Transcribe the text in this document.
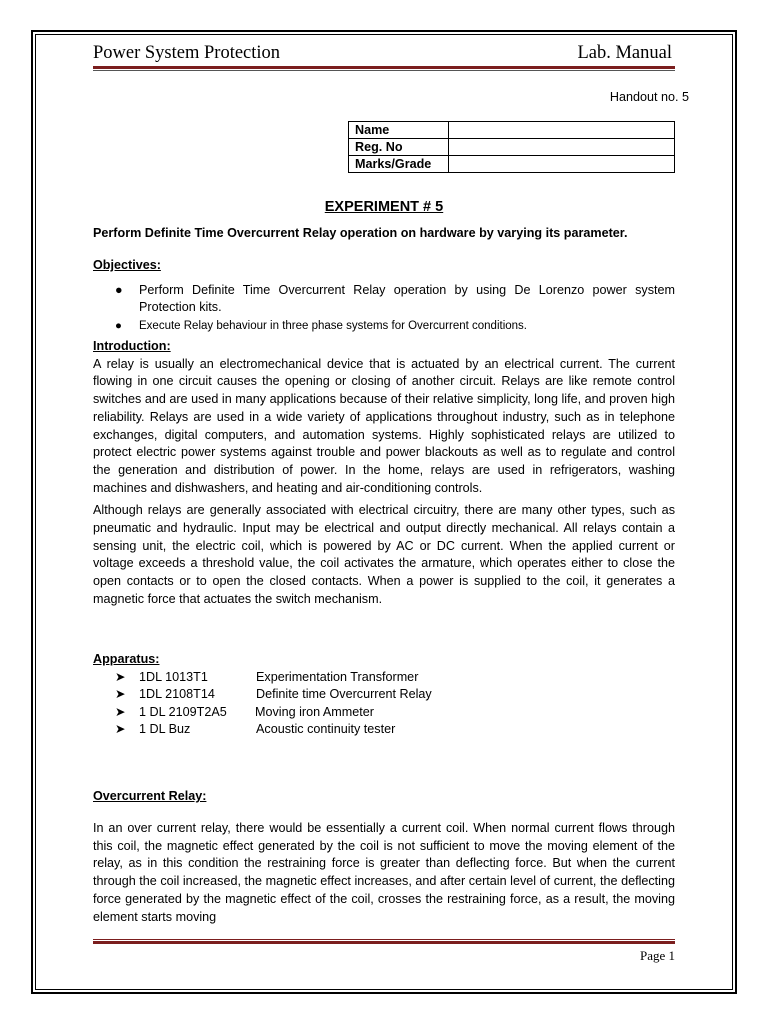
Power System Protection	Lab. Manual
Handout no. 5
Name	
Reg. No	
Marks/Grade	
EXPERIMENT # 5
Perform Definite Time Overcurrent Relay operation on hardware by varying its parameter.
Objectives:
● Perform Definite Time Overcurrent Relay operation by using De Lorenzo power system Protection kits.
● Execute Relay behaviour in three phase systems for Overcurrent conditions.
Introduction:

A relay is usually an electromechanical device that is actuated by an electrical current. The current flowing in one circuit causes the opening or closing of another circuit. Relays are like remote control switches and are used in many applications because of their relative simplicity, long life, and proven high reliability. Relays are used in a wide variety of applications throughout industry, such as in telephone exchanges, digital computers, and automation systems. Highly sophisticated relays are utilized to protect electric power systems against trouble and power blackouts as well as to regulate and control the generation and distribution of power. In the home, relays are used in refrigerators, washing machines and dishwashers, and heating and air-conditioning controls.

Although relays are generally associated with electrical circuitry, there are many other types, such as pneumatic and hydraulic. Input may be electrical and output directly mechanical. All relays contain a sensing unit, the electric coil, which is powered by AC or DC current. When the applied current or voltage exceeds a threshold value, the coil activates the armature, which operates either to close the open contacts or to open the closed contacts. When a power is supplied to the coil, it generates a magnetic force that actuates the switch mechanism.

Apparatus:
➤ 1DL 1013T1	Experimentation Transformer
➤ 1DL 2108T14	Definite time Overcurrent Relay
➤ 1 DL 2109T2A5 Moving iron Ammeter
➤ 1 DL Buz	Acoustic continuity tester
Overcurrent Relay:

In an over current relay, there would be essentially a current coil. When normal current flows through this coil, the magnetic effect generated by the coil is not sufficient to move the moving element of the relay, as in this condition the restraining force is greater than deflecting force. But when the current through the coil increased, the magnetic effect increases, and after certain level of current, the deflecting force generated by the magnetic effect of the coil, crosses the restraining force, as a result, the moving element starts moving

Page 1
